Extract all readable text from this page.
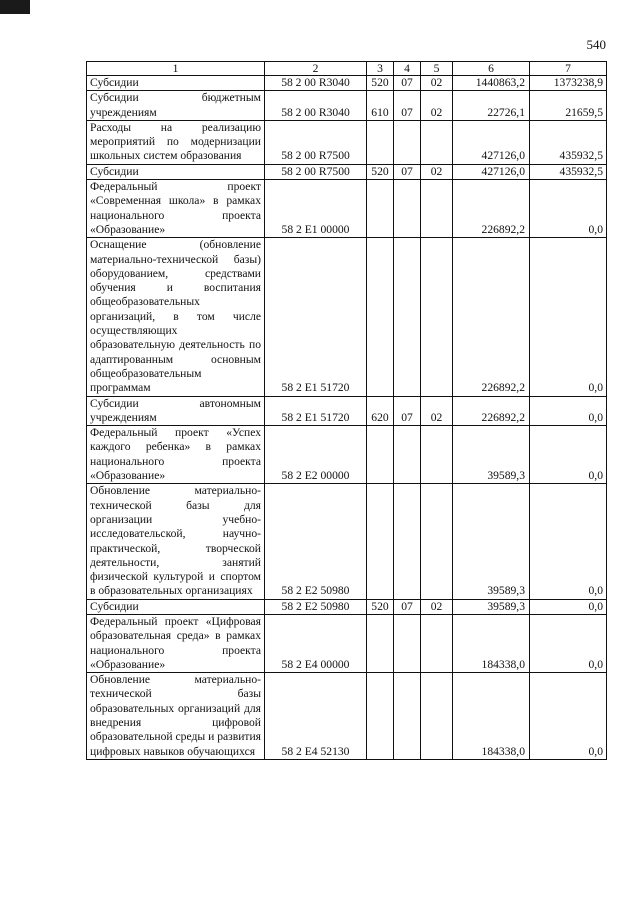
540
1	2	3	4	5	6	7
Субсидии	58 2 00 R3040	520	07	02	1440863,2	1373238,9
Субсидии бюджетным учреждениям	58 2 00 R3040	610	07	02	22726,1	21659,5
Расходы на реализацию мероприятий по модернизации школьных систем образования	58 2 00 R7500				427126,0	435932,5
Субсидии	58 2 00 R7500	520	07	02	427126,0	435932,5
Федеральный проект «Современная школа» в рамках национального проекта «Образование»	58 2 E1 00000				226892,2	0,0
Оснащение (обновление материально-технической базы) оборудованием, средствами обучения и воспитания общеобразовательных организаций, в том числе осуществляющих образовательную деятельность по адаптированным основным общеобразовательным программам	58 2 E1 51720				226892,2	0,0
Субсидии автономным учреждениям	58 2 E1 51720	620	07	02	226892,2	0,0
Федеральный проект «Успех каждого ребенка» в рамках национального проекта «Образование»	58 2 E2 00000				39589,3	0,0
Обновление материально-технической базы для организации учебно-исследовательской, научно-практической, творческой деятельности, занятий физической культурой и спортом в образовательных организациях	58 2 E2 50980				39589,3	0,0
Субсидии	58 2 E2 50980	520	07	02	39589,3	0,0
Федеральный проект «Цифровая образовательная среда» в рамках национального проекта «Образование»	58 2 E4 00000				184338,0	0,0
Обновление материально-технической базы образовательных организаций для внедрения цифровой образовательной среды и развития цифровых навыков обучающихся	58 2 E4 52130				184338,0	0,0
